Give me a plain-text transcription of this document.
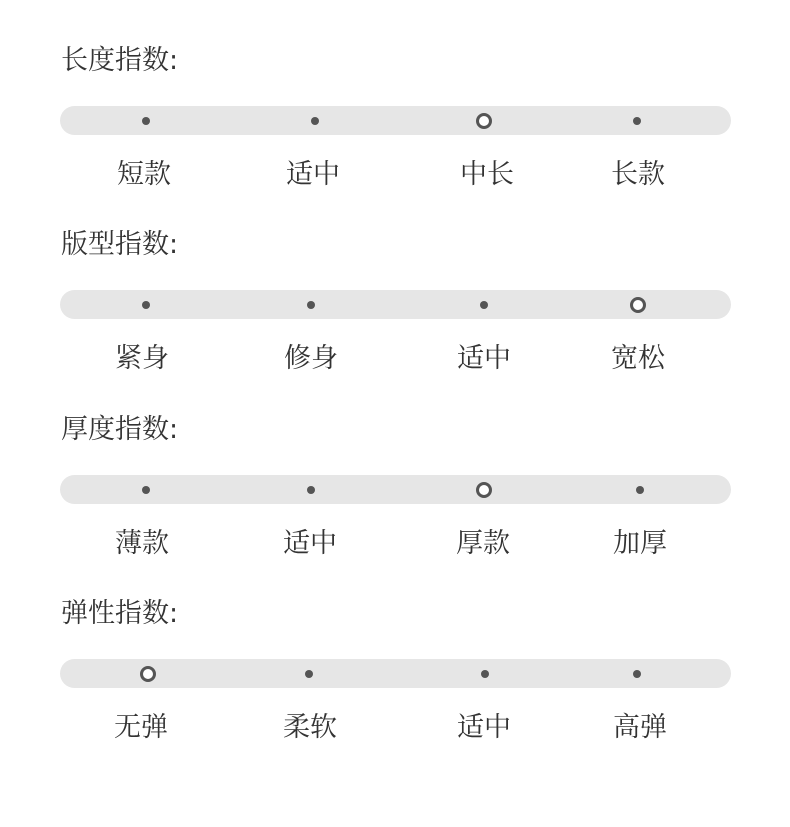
长度指数:
短款	适中	中长	长款
版型指数:
紧身	修身	适中	宽松
厚度指数:
薄款	适中	厚款	加厚
弹性指数:
无弹	柔软	适中	高弹
